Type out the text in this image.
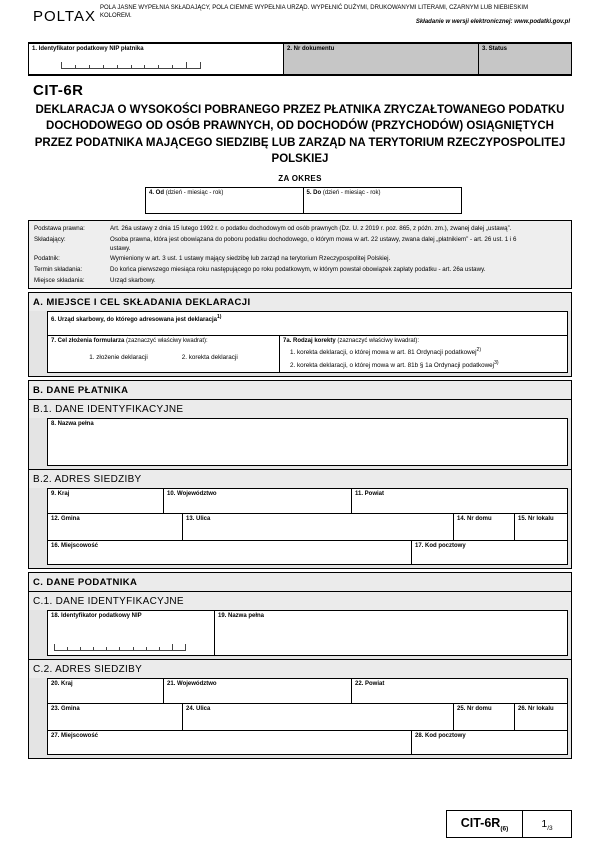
POLTAX POLA JASNE WYPEŁNIA SKŁADAJĄCY, POLA CIEMNE WYPEŁNIA URZĄD. WYPEŁNIĆ DUŻYMI, DRUKOWANYMI LITERAMI, CZARNYM LUB NIEBIESKIM KOLOREM.
Składanie w wersji elektronicznej: www.podatki.gov.pl
1. Identyfikator podatkowy NIP płatnika	2. Nr dokumentu	3. Status
CIT-6R
DEKLARACJA O WYSOKOŚCI POBRANEGO PRZEZ PŁATNIKA ZRYCZAŁTOWANEGO PODATKU DOCHODOWEGO OD OSÓB PRAWNYCH, OD DOCHODÓW (PRZYCHODÓW) OSIĄGNIĘTYCH PRZEZ PODATNIKA MAJĄCEGO SIEDZIBĘ LUB ZARZĄD NA TERYTORIUM RZECZYPOSPOLITEJ POLSKIEJ
ZA OKRES
4. Od (dzień - miesiąc - rok)	5. Do (dzień - miesiąc - rok)
Podstawa prawna:	Art. 26a ustawy z dnia 15 lutego 1992 r. o podatku dochodowym od osób prawnych (Dz. U. z 2019 r. poz. 865, z późn. zm.), zwanej dalej „ustawą”.
Składający:	Osoba prawna, która jest obowiązana do poboru podatku dochodowego, o którym mowa w art. 22 ustawy, zwana dalej „płatnikiem” - art. 26 ust. 1 i 6 ustawy.
Podatnik:	Wymieniony w art. 3 ust. 1 ustawy mający siedzibę lub zarząd na terytorium Rzeczypospolitej Polskiej.
Termin składania:	Do końca pierwszego miesiąca roku następującego po roku podatkowym, w którym powstał obowiązek zapłaty podatku - art. 26a ustawy.
Miejsce składania:	Urząd skarbowy.
A. MIEJSCE I CEL SKŁADANIA DEKLARACJI
6. Urząd skarbowy, do którego adresowana jest deklaracja$^{1)}$
7. Cel złożenia formularza (zaznaczyć właściwy kwadrat):
1. złożenie deklaracji	2. korekta deklaracji
7a. Rodzaj korekty (zaznaczyć właściwy kwadrat):
1. korekta deklaracji, o której mowa w art. 81 Ordynacji podatkowej$^{2)}$
2. korekta deklaracji, o której mowa w art. 81b § 1a Ordynacji podatkowej$^{3)}$
B. DANE PŁATNIKA
B.1. DANE IDENTYFIKACYJNE
8. Nazwa pełna
B.2. ADRES SIEDZIBY
9. Kraj	10. Województwo	11. Powiat
12. Gmina	13. Ulica	14. Nr domu	15. Nr lokalu
16. Miejscowość	17. Kod pocztowy
C. DANE PODATNIKA
C.1. DANE IDENTYFIKACYJNE
18. Identyfikator podatkowy NIP	19. Nazwa pełna
C.2. ADRES SIEDZIBY
20. Kraj	21. Województwo	22. Powiat
23. Gmina	24. Ulica	25. Nr domu	26. Nr lokalu
27. Miejscowość	28. Kod pocztowy
CIT-$6R_{(6)}$	$1_{/3}$
